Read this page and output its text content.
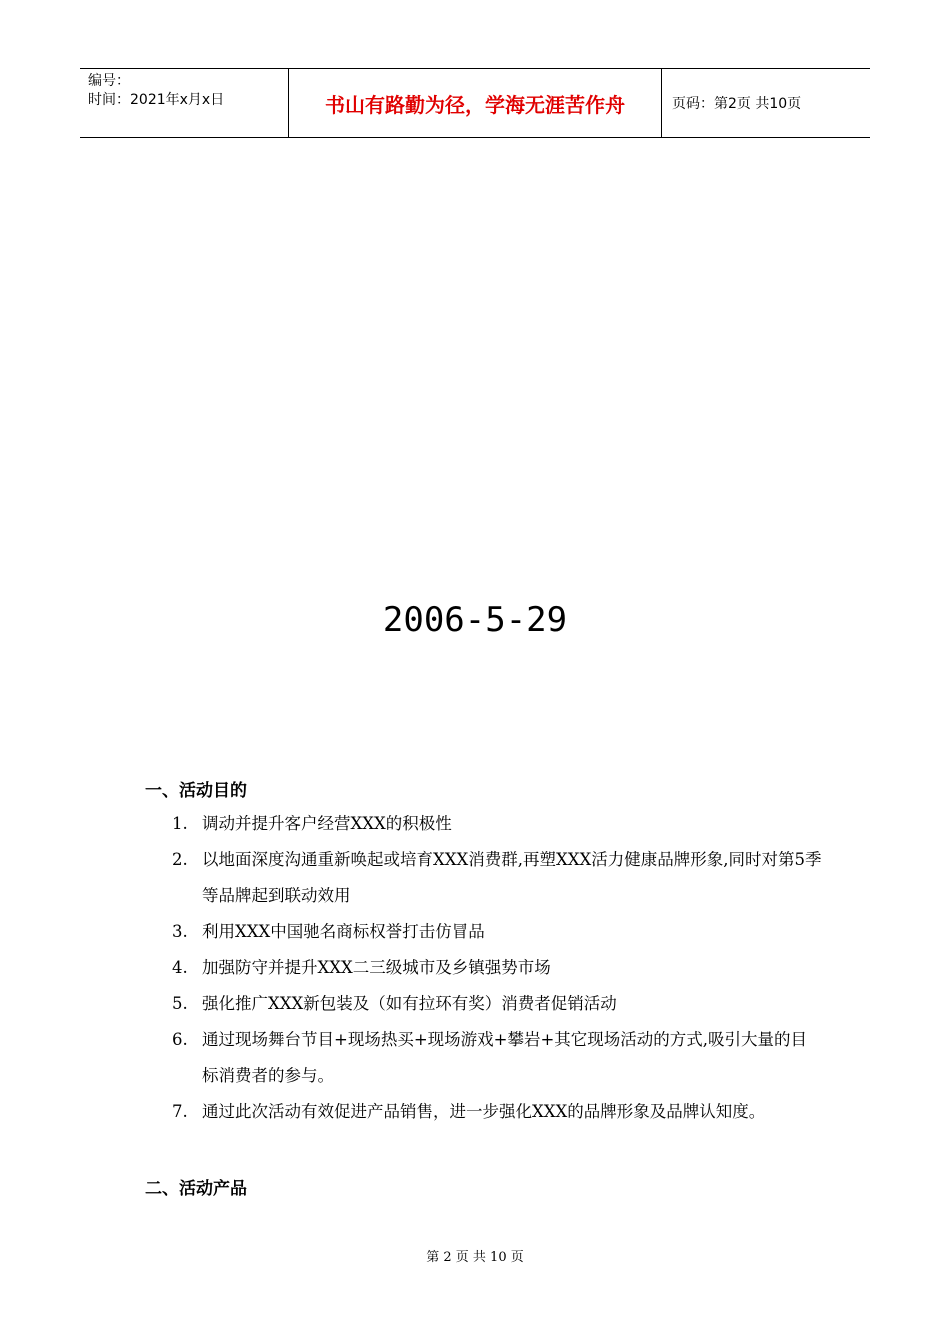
编号：
时间：2021年x月x日	书山有路勤为径，学海无涯苦作舟	页码：第2页 共10页
2006-5-29
一、活动目的
1. 调动并提升客户经营XXX的积极性
2. 以地面深度沟通重新唤起或培育XXX消费群,再塑XXX活力健康品牌形象,同时对第5季等品牌起到联动效用
3. 利用XXX中国驰名商标权誉打击仿冒品
4. 加强防守并提升XXX二三级城市及乡镇强势市场
5. 强化推广XXX新包装及（如有拉环有奖）消费者促销活动
6. 通过现场舞台节目+现场热买+现场游戏+攀岩+其它现场活动的方式,吸引大量的目标消费者的参与。
7. 通过此次活动有效促进产品销售，进一步强化XXX的品牌形象及品牌认知度。
二、活动产品
第 2 页 共 10 页
